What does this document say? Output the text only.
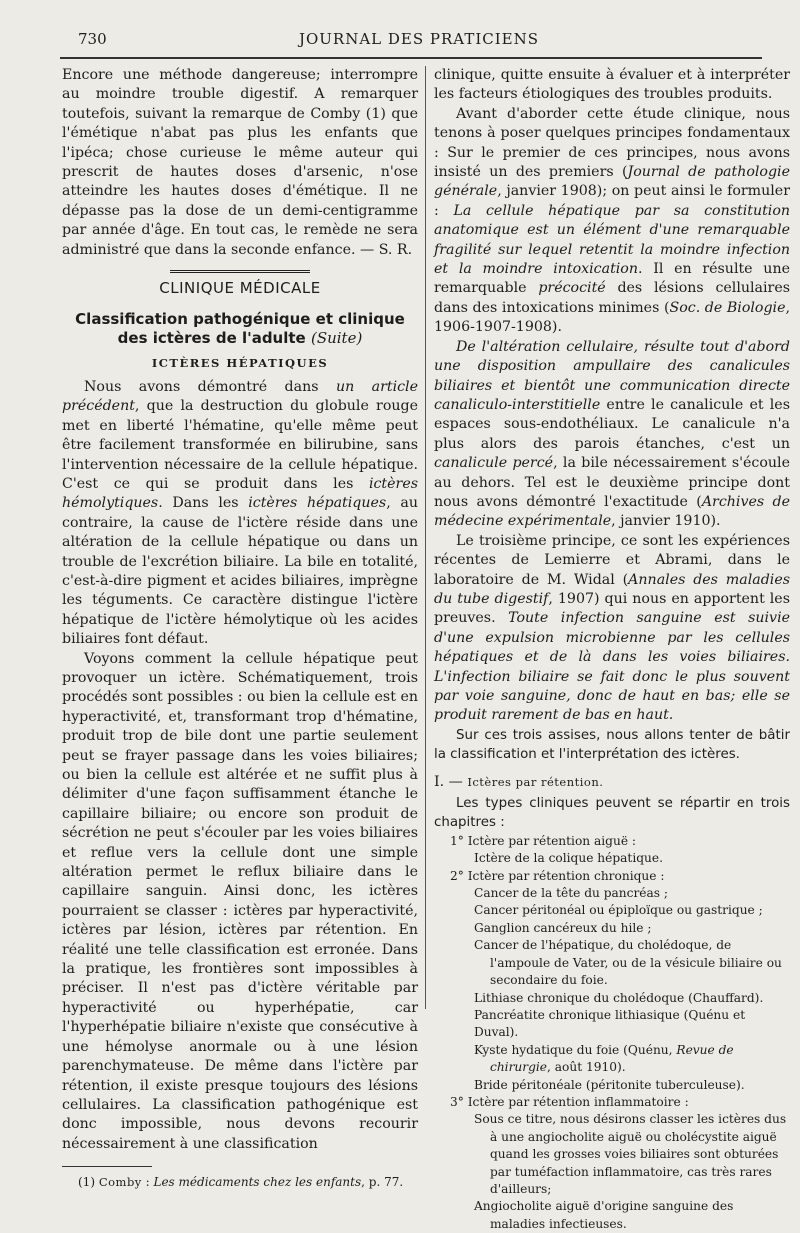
730	JOURNAL DES PRATICIENS

Encore une méthode dangereuse; interrompre au moindre trouble digestif. A remarquer toutefois, suivant la remarque de Comby (1) que l'émétique n'abat pas plus les enfants que l'ipéca; chose curieuse le même auteur qui prescrit de hautes doses d'arsenic, n'ose atteindre les hautes doses d'émétique. Il ne dépasse pas la dose de un demi-centigramme par année d'âge. En tout cas, le remède ne sera administré que dans la seconde enfance. — S. R.

CLINIQUE MÉDICALE
Classification pathogénique et clinique des ictères de l'adulte (Suite)
ICTÈRES HÉPATIQUES

Nous avons démontré dans un article précédent, que la destruction du globule rouge met en liberté l'hématine, qu'elle même peut être facilement transformée en bilirubine, sans l'intervention nécessaire de la cellule hépatique. C'est ce qui se produit dans les ictères hémolytiques. Dans les ictères hépatiques, au contraire, la cause de l'ictère réside dans une altération de la cellule hépatique ou dans un trouble de l'excrétion biliaire. La bile en totalité, c'est-à-dire pigment et acides biliaires, imprègne les téguments. Ce caractère distingue l'ictère hépatique de l'ictère hémolytique où les acides biliaires font défaut.

Voyons comment la cellule hépatique peut provoquer un ictère. Schématiquement, trois procédés sont possibles : ou bien la cellule est en hyperactivité, et, transformant trop d'hématine, produit trop de bile dont une partie seulement peut se frayer passage dans les voies biliaires; ou bien la cellule est altérée et ne suffit plus à délimiter d'une façon suffisamment étanche le capillaire biliaire; ou encore son produit de sécrétion ne peut s'écouler par les voies biliaires et reflue vers la cellule dont une simple altération permet le reflux biliaire dans le capillaire sanguin. Ainsi donc, les ictères pourraient se classer : ictères par hyperactivité, ictères par lésion, ictères par rétention. En réalité une telle classification est erronée. Dans la pratique, les frontières sont impossibles à préciser. Il n'est pas d'ictère véritable par hyperactivité ou hyperhépatie, car l'hyperhépatie biliaire n'existe que consécutive à une hémolyse anormale ou à une lésion parenchymateuse. De même dans l'ictère par rétention, il existe presque toujours des lésions cellulaires. La classification pathogénique est donc impossible, nous devons recourir nécessairement à une classification

(1) Comby : Les médicaments chez les enfants, p. 77.

clinique, quitte ensuite à évaluer et à interpréter les facteurs étiologiques des troubles produits.

Avant d'aborder cette étude clinique, nous tenons à poser quelques principes fondamentaux : Sur le premier de ces principes, nous avons insisté un des premiers (Journal de pathologie générale, janvier 1908); on peut ainsi le formuler : La cellule hépatique par sa constitution anatomique est un élément d'une remarquable fragilité sur lequel retentit la moindre infection et la moindre intoxication. Il en résulte une remarquable précocité des lésions cellulaires dans des intoxications minimes (Soc. de Biologie, 1906-1907-1908).

De l'altération cellulaire, résulte tout d'abord une disposition ampullaire des canalicules biliaires et bientôt une communication directe canaliculo-interstitielle entre le canalicule et les espaces sous-endothéliaux. Le canalicule n'a plus alors des parois étanches, c'est un canalicule percé, la bile nécessairement s'écoule au dehors. Tel est le deuxième principe dont nous avons démontré l'exactitude (Archives de médecine expérimentale, janvier 1910).

Le troisième principe, ce sont les expériences récentes de Lemierre et Abrami, dans le laboratoire de M. Widal (Annales des maladies du tube digestif, 1907) qui nous en apportent les preuves. Toute infection sanguine est suivie d'une expulsion microbienne par les cellules hépatiques et de là dans les voies biliaires. L'infection biliaire se fait donc le plus souvent par voie sanguine, donc de haut en bas; elle se produit rarement de bas en haut.

Sur ces trois assises, nous allons tenter de bâtir la classification et l'interprétation des ictères.

I. — Ictères par rétention.

Les types cliniques peuvent se répartir en trois chapitres :

1° Ictère par rétention aiguë :
Ictère de la colique hépatique.
2° Ictère par rétention chronique :
Cancer de la tête du pancréas ;
Cancer péritonéal ou épiploïque ou gastrique ;
Ganglion cancéreux du hile ;
Cancer de l'hépatique, du cholédoque, de l'ampoule de Vater, ou de la vésicule biliaire ou secondaire du foie.
Lithiase chronique du cholédoque (Chauffard).
Pancréatite chronique lithiasique (Quénu et Duval).
Kyste hydatique du foie (Quénu, Revue de chirurgie, août 1910).
Bride péritonéale (péritonite tuberculeuse).
3° Ictère par rétention inflammatoire :
Sous ce titre, nous désirons classer les ictères dus à une angiocholite aiguë ou cholécystite aiguë quand les grosses voies biliaires sont obturées par tuméfaction inflammatoire, cas très rares d'ailleurs;
Angiocholite aiguë d'origine sanguine des maladies infectieuses.
